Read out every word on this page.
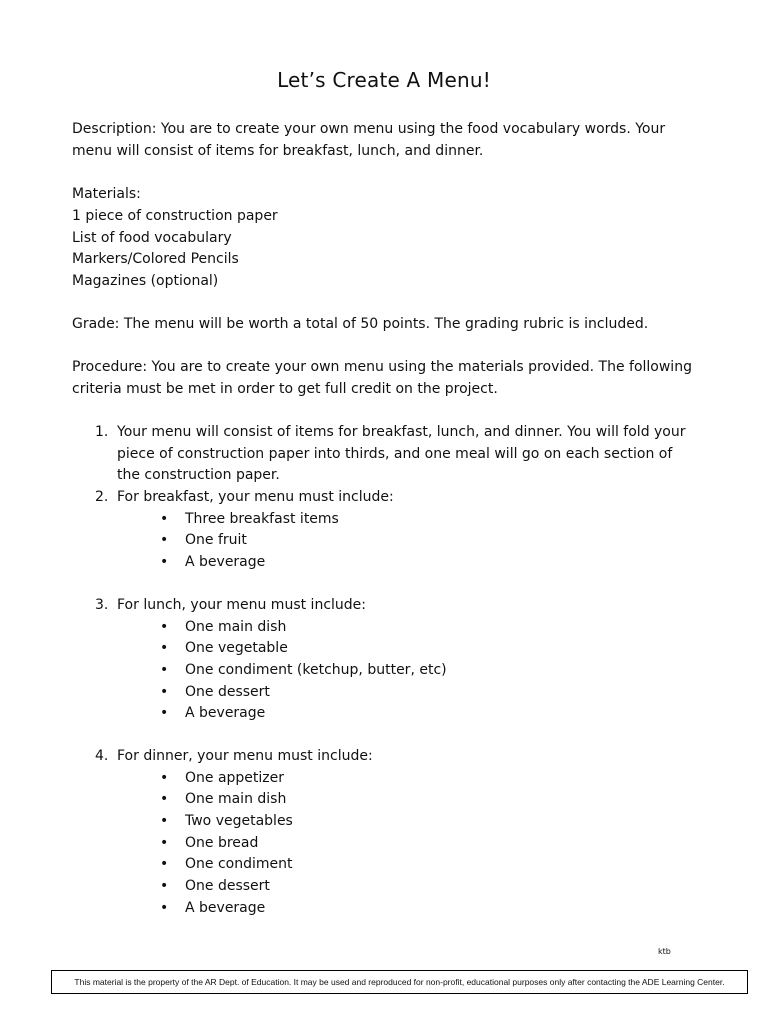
Let’s Create A Menu!
Description: You are to create your own menu using the food vocabulary words. Your
menu will consist of items for breakfast, lunch, and dinner.
Materials:
1 piece of construction paper
List of food vocabulary
Markers/Colored Pencils
Magazines (optional)
Grade: The menu will be worth a total of 50 points. The grading rubric is included.
Procedure: You are to create your own menu using the materials provided. The following
criteria must be met in order to get full credit on the project.
1. Your menu will consist of items for breakfast, lunch, and dinner. You will fold your
piece of construction paper into thirds, and one meal will go on each section of
the construction paper.
2. For breakfast, your menu must include:
• Three breakfast items
• One fruit
• A beverage
3. For lunch, your menu must include:
• One main dish
• One vegetable
• One condiment (ketchup, butter, etc)
• One dessert
• A beverage
4. For dinner, your menu must include:
• One appetizer
• One main dish
• Two vegetables
• One bread
• One condiment
• One dessert
• A beverage
ktb
This material is the property of the AR Dept. of Education. It may be used and reproduced for non-profit, educational purposes only after contacting the ADE Learning Center.
